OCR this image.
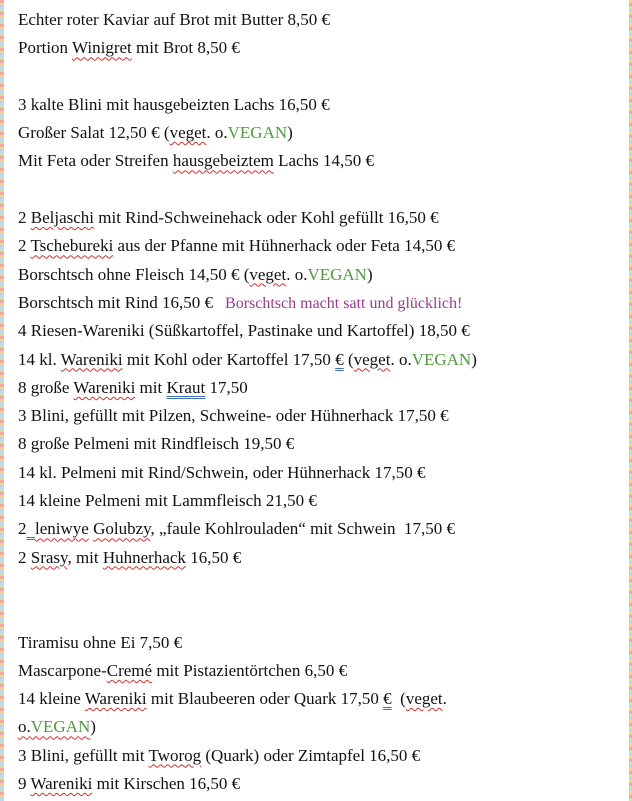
Echter roter Kaviar auf Brot mit Butter 8,50 €
Portion Winigret mit Brot 8,50 €
3 kalte Blini mit hausgebeizten Lachs 16,50 €
Großer Salat 12,50 € (veget. o.VEGAN)
Mit Feta oder Streifen hausgebeiztem Lachs 14,50 €
2 Beljaschi mit Rind-Schweinehack oder Kohl gefüllt 16,50 €
2 Tschebureki aus der Pfanne mit Hühnerhack oder Feta 14,50 €
Borschtsch ohne Fleisch 14,50 € (veget. o.VEGAN)
Borschtsch mit Rind 16,50 € Borschtsch macht satt und glücklich!
4 Riesen-Wareniki (Süßkartoffel, Pastinake und Kartoffel) 18,50 €
14 kl. Wareniki mit Kohl oder Kartoffel 17,50 € (veget. o.VEGAN)
8 große Wareniki mit Kraut 17,50
3 Blini, gefüllt mit Pilzen, Schweine- oder Hühnerhack 17,50 €
8 große Pelmeni mit Rindfleisch 19,50 €
14 kl. Pelmeni mit Rind/Schwein, oder Hühnerhack 17,50 €
14 kleine Pelmeni mit Lammfleisch 21,50 €
2 leniwye Golubzy, „faule Kohlrouladen“ mit Schwein  17,50 €
2 Srasy, mit Huhnerhack 16,50 €
Tiramisu ohne Ei 7,50 €
Mascarpone-Cremé mit Pistazientörtchen 6,50 €
14 kleine Wareniki mit Blaubeeren oder Quark 17,50 €  (veget.
o.VEGAN)
3 Blini, gefüllt mit Tworog (Quark) oder Zimtapfel 16,50 €
9 Wareniki mit Kirschen 16,50 €
